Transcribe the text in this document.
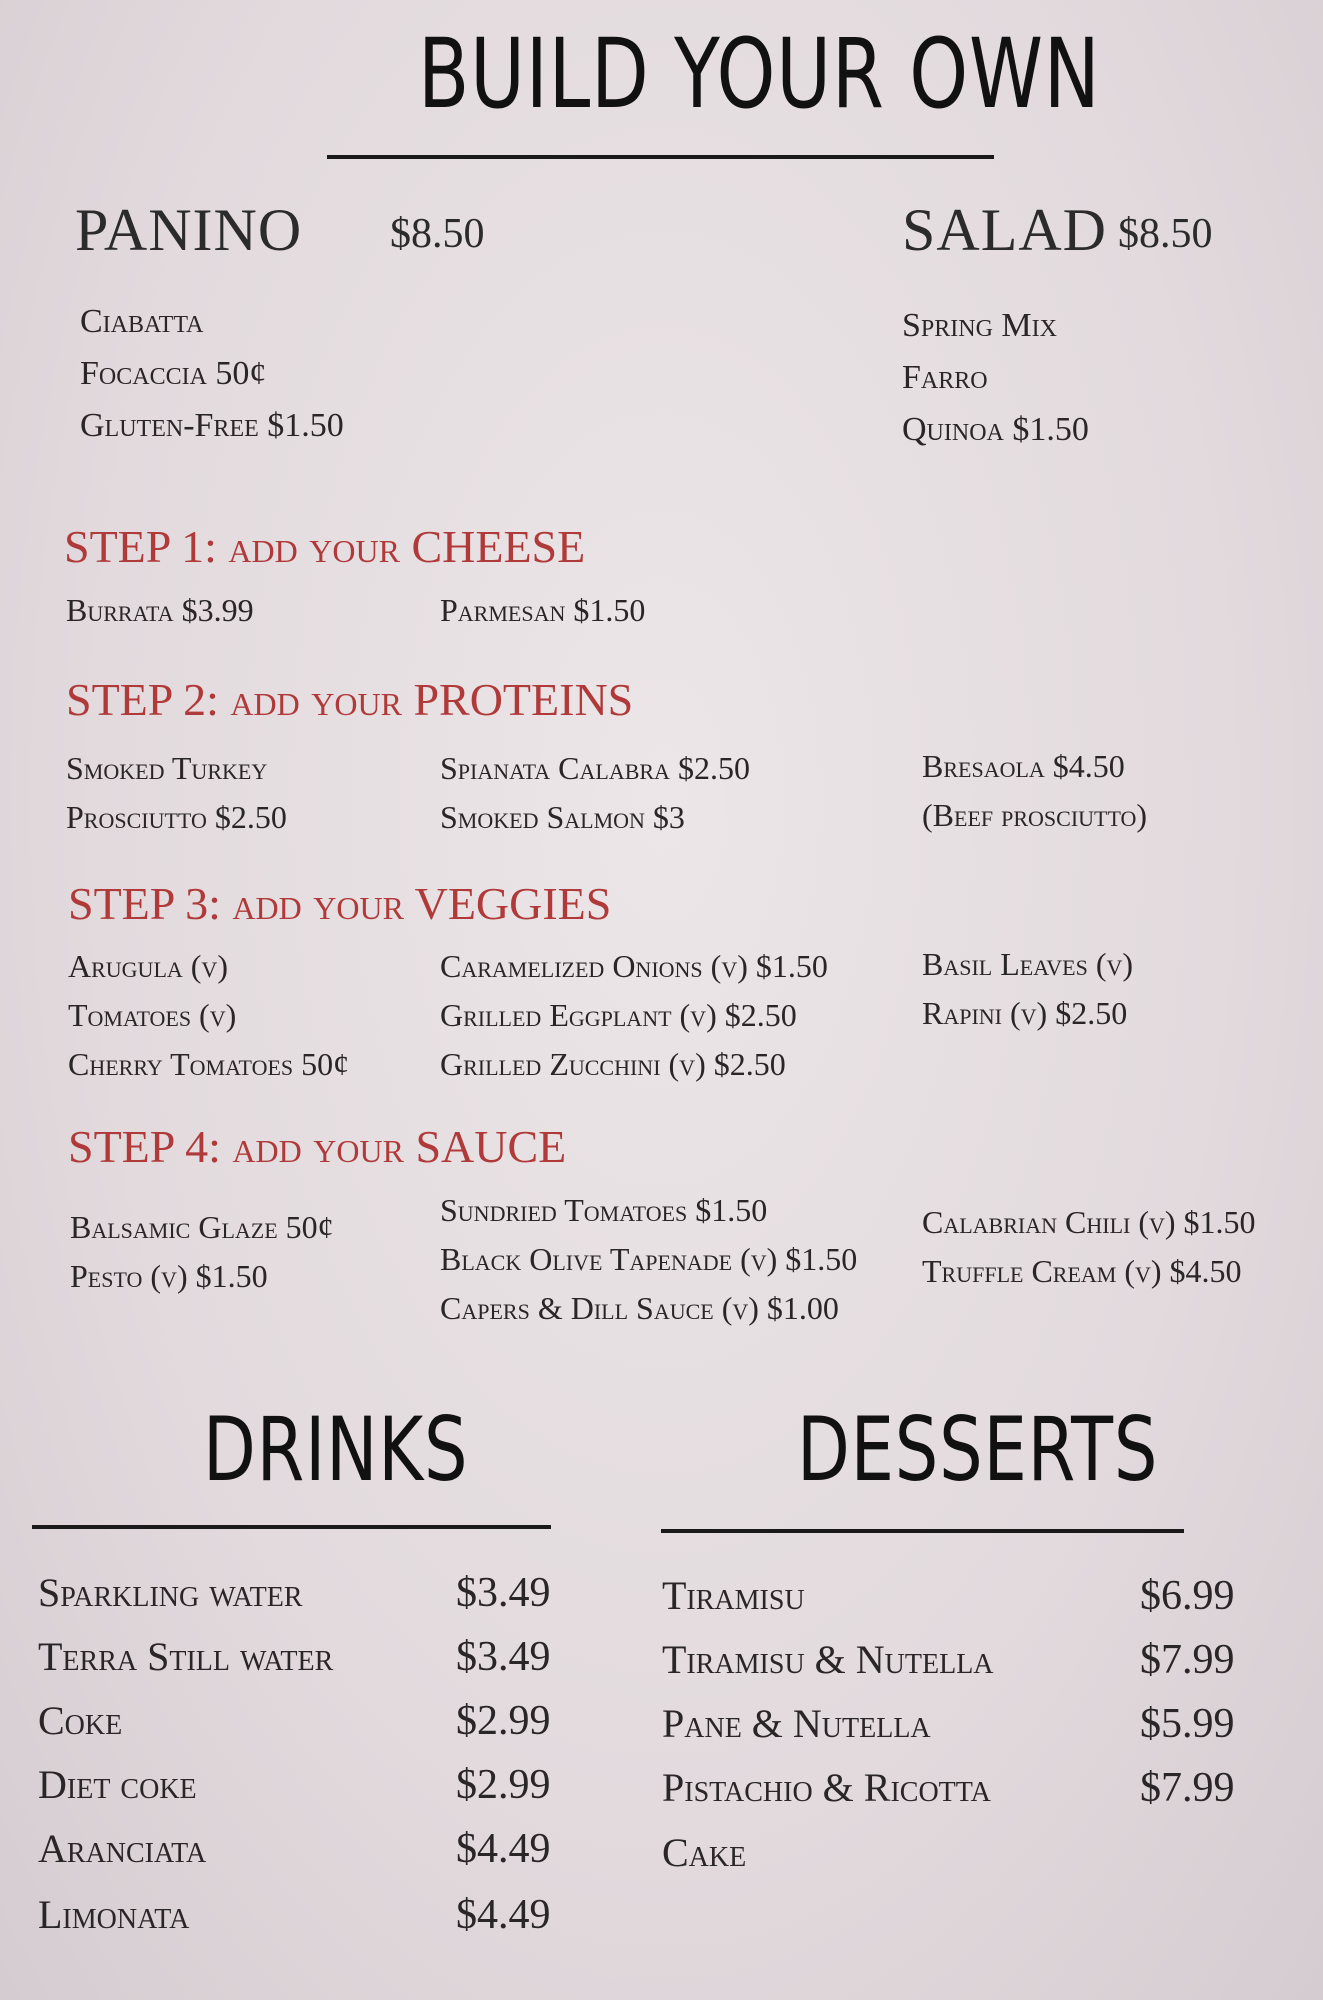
BUILD YOUR OWN
PANINO $8.50
Ciabatta
Focaccia 50¢
Gluten-Free $1.50
SALAD $8.50
Spring Mix
Farro
Quinoa $1.50
STEP 1: add your CHEESE
Burrata $3.99	Parmesan $1.50
STEP 2: add your PROTEINS
Smoked Turkey
Prosciutto $2.50
Spianata Calabra $2.50
Smoked Salmon $3
Bresaola $4.50
(Beef prosciutto)
STEP 3: add your VEGGIES
Arugula (v)
Tomatoes (v)
Cherry Tomatoes 50¢
Caramelized Onions (v) $1.50
Grilled Eggplant (v) $2.50
Grilled Zucchini (v) $2.50
Basil Leaves (v)
Rapini (v) $2.50
STEP 4: add your SAUCE
Balsamic Glaze 50¢
Pesto (v) $1.50
Sundried Tomatoes $1.50
Black Olive Tapenade (v) $1.50
Capers & Dill Sauce (v) $1.00
Calabrian Chili (v) $1.50
Truffle Cream (v) $4.50
DRINKS
Sparkling water	$3.49
Terra Still water	$3.49
Coke	$2.99
Diet coke	$2.99
Aranciata	$4.49
Limonata	$4.49
DESSERTS
Tiramisu	$6.99
Tiramisu & Nutella	$7.99
Pane & Nutella	$5.99
Pistachio & Ricotta	$7.99
Cake
